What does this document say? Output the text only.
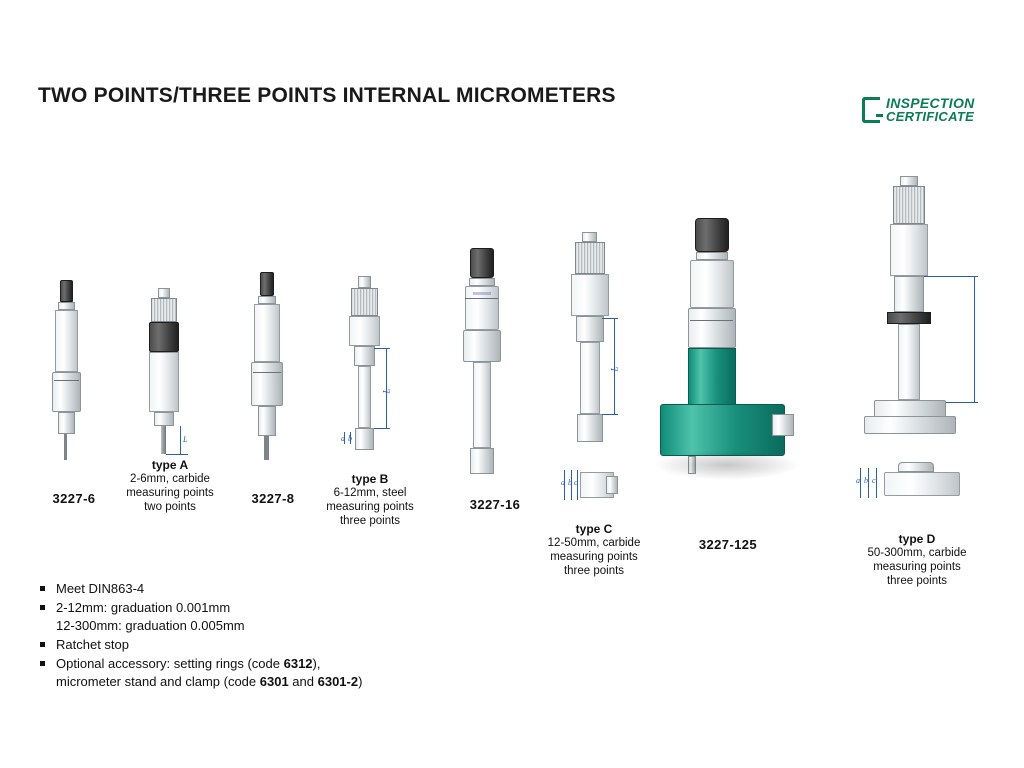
TWO POINTS/THREE POINTS INTERNAL MICROMETERS	INSPECTION
CERTIFICATE
3227-6
L
type A
2-6mm, carbide
measuring points
two points
3227-8
L
a b
type B
6-12mm, steel
measuring points
three points
3227-16
L
a b c
type C
12-50mm, carbide
measuring points
three points
3227-125
a b c
type D
50-300mm, carbide
measuring points
three points
Meet DIN863-4
2-12mm: graduation 0.001mm
12-300mm: graduation 0.005mm
Ratchet stop
Optional accessory: setting rings (code 6312),
micrometer stand and clamp (code 6301 and 6301-2)
